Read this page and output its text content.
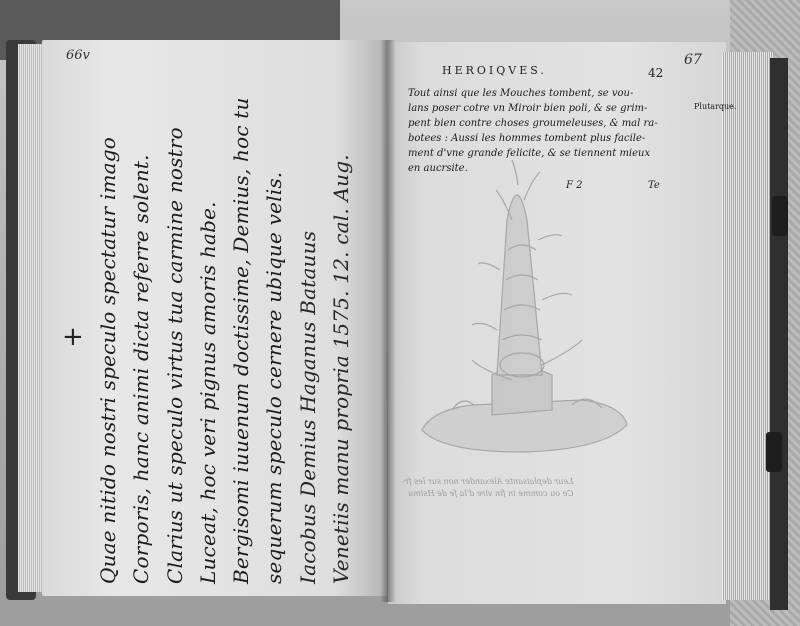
66v
+ Quae nitido nostri speculo spectatur imago Corporis, hanc animi dicta referre solent. Clarius ut speculo virtus tua carmine nostro Luceat, hoc veri pignus amoris habe. Bergisomi iuuenum doctissime, Demius, hoc tu sequerum speculo cernere ubique velis. Iacobus Demius Haganus Batauus Venetiis manu propria 1575. 12. cal. Aug.
HEROIQVES.	42
67
Tout ainsi que les Mouches tombent, se vou-
lans poser cotre vn Miroir bien poli, & se grim-
pent bien contre choses groumeleuses, & mal ra-
botees : Aussi les hommes tombent plus facile-
ment d'vne grande felicite, & se tiennent mieux
en aucrsite.
Plutarque.
F 2	Te
Leur deplaisante Alexander non sur les fr-
Ce ou comme in fin vire d'la fe de Hsimu
